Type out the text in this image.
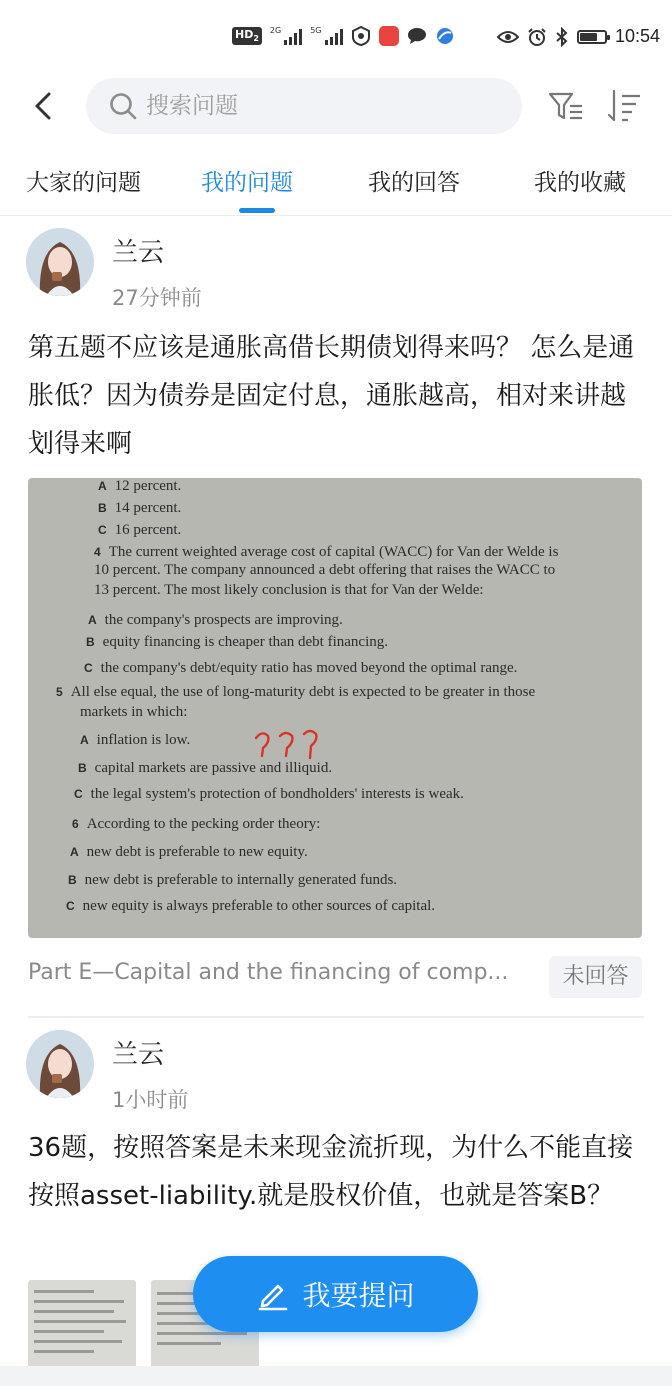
$HD_2$
2G	5G	10:54
搜索问题
大家的问题	我的问题	我的回答	我的收藏
兰云
27分钟前
第五题不应该是通胀高借长期债划得来吗？ 怎么是通胀低？因为债券是固定付息，通胀越高，相对来讲越划得来啊
A 12 percent.
B 14 percent.
C 16 percent.
4 The current weighted average cost of capital (WACC) for Van der Welde is
10 percent. The company announced a debt offering that raises the WACC to
13 percent. The most likely conclusion is that for Van der Welde:
A the company's prospects are improving.
B equity financing is cheaper than debt financing.
C the company's debt/equity ratio has moved beyond the optimal range.
5 All else equal, the use of long-maturity debt is expected to be greater in those
markets in which:
A inflation is low.
B capital markets are passive and illiquid.
C the legal system's protection of bondholders' interests is weak.
6 According to the pecking order theory:
A new debt is preferable to new equity.
B new debt is preferable to internally generated funds.
C new equity is always preferable to other sources of capital.
Part E—Capital and the financing of comp...	未回答
兰云
1小时前
36题，按照答案是未来现金流折现，为什么不能直接按照asset-liability.就是股权价值，也就是答案B？
我要提问
